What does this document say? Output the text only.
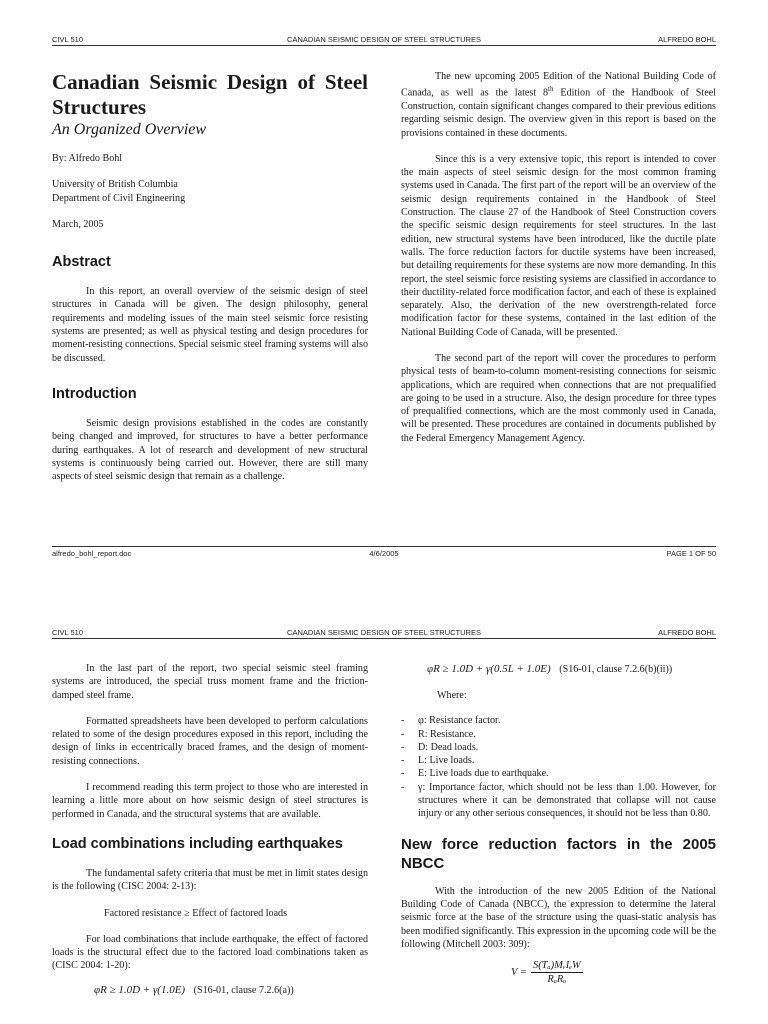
CIVL 510	CANADIAN SEISMIC DESIGN OF STEEL STRUCTURES	ALFREDO BOHL
Canadian Seismic Design of Steel Structures
An Organized Overview
By: Alfredo Bohl
University of British Columbia
Department of Civil Engineering
March, 2005
Abstract

In this report, an overall overview of the seismic design of steel structures in Canada will be given. The design philosophy, general requirements and modeling issues of the main steel seismic force resisting systems are presented; as well as physical testing and design procedures for moment-resisting connections. Special seismic steel framing systems will also be discussed.

Introduction

Seismic design provisions established in the codes are constantly being changed and improved, for structures to have a better performance during earthquakes. A lot of research and development of new structural systems is continuously being carried out. However, there are still many aspects of steel seismic design that remain as a challenge.

The new upcoming 2005 Edition of the National Building Code of Canada, as well as the latest 8th Edition of the Handbook of Steel Construction, contain significant changes compared to their previous editions regarding seismic design. The overview given in this report is based on the provisions contained in these documents.

Since this is a very extensive topic, this report is intended to cover the main aspects of steel seismic design for the most common framing systems used in Canada. The first part of the report will be an overview of the seismic design requirements contained in the Handbook of Steel Construction. The clause 27 of the Handbook of Steel Construction covers the specific seismic design requirements for steel structures. In the last edition, new structural systems have been introduced, like the ductile plate walls. The force reduction factors for ductile systems have been increased, but detailing requirements for these systems are now more demanding. In this report, the steel seismic force resisting systems are classified in accordance to their ductility-related force modification factor, and each of these is explained separately. Also, the derivation of the new overstrength-related force modification factor for these systems, contained in the last edition of the National Building Code of Canada, will be presented.

The second part of the report will cover the procedures to perform physical tests of beam-to-column moment-resisting connections for seismic applications, which are required when connections that are not prequalified are going to be used in a structure. Also, the design procedure for three types of prequalified connections, which are the most commonly used in Canada, will be presented. These procedures are contained in documents published by the Federal Emergency Management Agency.

alfredo_bohl_report.doc	4/6/2005	PAGE 1 OF 50
CIVL 510	CANADIAN SEISMIC DESIGN OF STEEL STRUCTURES	ALFREDO BOHL

In the last part of the report, two special seismic steel framing systems are introduced, the special truss moment frame and the friction-damped steel frame.

Formatted spreadsheets have been developed to perform calculations related to some of the design procedures exposed in this report, including the design of links in eccentrically braced frames, and the design of moment-resisting connections.

I recommend reading this term project to those who are interested in learning a little more about on how seismic design of steel structures is performed in Canada, and the structural systems that are available.

Load combinations including earthquakes

The fundamental safety criteria that must be met in limit states design is the following (CISC 2004: 2-13):

Factored resistance ≥ Effect of factored loads

For load combinations that include earthquake, the effect of factored loads is the structural effect due to the factored load combinations taken as (CISC 2004: 1-20):

φR ≥ 1.0D + γ(1.0E) (S16-01, clause 7.2.6(a))
φR ≥ 1.0D + γ(0.5L + 1.0E) (S16-01, clause 7.2.6(b)(ii))
Where:
- φ: Resistance factor.
- R: Resistance.
- D: Dead loads.
- L: Live loads.
- E: Live loads due to earthquake.
- γ: Importance factor, which should not be less than 1.00. However, for structures where it can be demonstrated that collapse will not cause injury or any other serious consequences, it should not be less than 0.80.
New force reduction factors in the 2005 NBCC

With the introduction of the new 2005 Edition of the National Building Code of Canada (NBCC), the expression to determine the lateral seismic force at the base of the structure using the quasi-static analysis has been modified significantly. This expression in the upcoming code will be the following (Mitchell 2003: 309):

V =
S(Tₐ)MᵥIₑW
RₐRₒ
